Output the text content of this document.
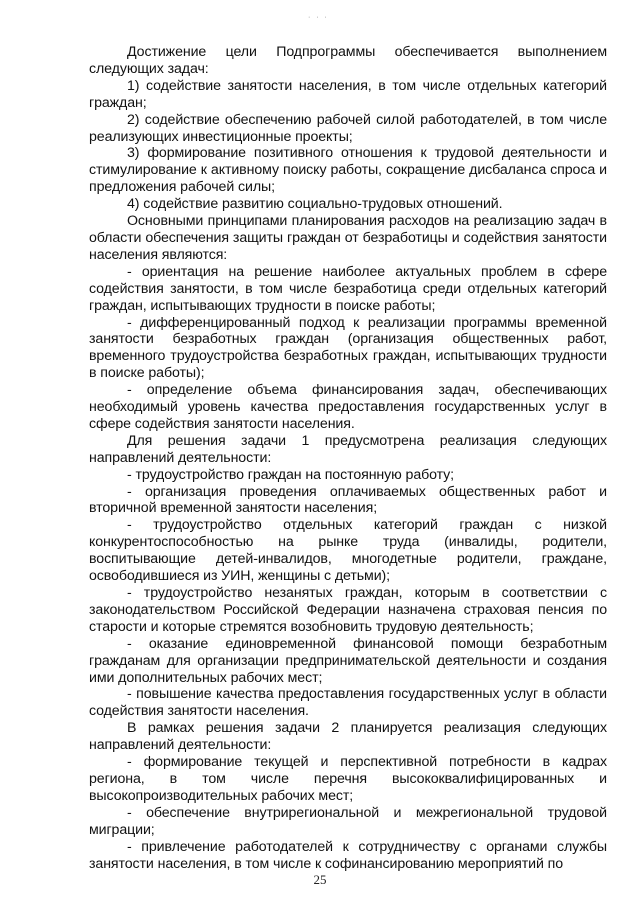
· · ·

Достижение цели Подпрограммы обеспечивается выполнением следующих задач:

1) содействие занятости населения, в том числе отдельных категорий граждан;

2) содействие обеспечению рабочей силой работодателей, в том числе реализующих инвестиционные проекты;

3) формирование позитивного отношения к трудовой деятельности и стимулирование к активному поиску работы, сокращение дисбаланса спроса и предложения рабочей силы;

4) содействие развитию социально-трудовых отношений.

Основными принципами планирования расходов на реализацию задач в области обеспечения защиты граждан от безработицы и содействия занятости населения являются:

- ориентация на решение наиболее актуальных проблем в сфере содействия занятости, в том числе безработица среди отдельных категорий граждан, испытывающих трудности в поиске работы;

- дифференцированный подход к реализации программы временной занятости безработных граждан (организация общественных работ, временного трудоустройства безработных граждан, испытывающих трудности в поиске работы);

- определение объема финансирования задач, обеспечивающих необходимый уровень качества предоставления государственных услуг в сфере содействия занятости населения.

Для решения задачи 1 предусмотрена реализация следующих направлений деятельности:

- трудоустройство граждан на постоянную работу;

- организация проведения оплачиваемых общественных работ и вторичной временной занятости населения;

- трудоустройство отдельных категорий граждан с низкой конкурентоспособностью на рынке труда (инвалиды, родители, воспитывающие детей-инвалидов, многодетные родители, граждане, освободившиеся из УИН, женщины с детьми);

- трудоустройство незанятых граждан, которым в соответствии с законодательством Российской Федерации назначена страховая пенсия по старости и которые стремятся возобновить трудовую деятельность;

- оказание единовременной финансовой помощи безработным гражданам для организации предпринимательской деятельности и создания ими дополнительных рабочих мест;

- повышение качества предоставления государственных услуг в области содействия занятости населения.

В рамках решения задачи 2 планируется реализация следующих направлений деятельности:

- формирование текущей и перспективной потребности в кадрах региона, в том числе перечня высококвалифицированных и высокопроизводительных рабочих мест;

- обеспечение внутрирегиональной и межрегиональной трудовой миграции;

- привлечение работодателей к сотрудничеству с органами службы занятости населения, в том числе к софинансированию мероприятий по

25
